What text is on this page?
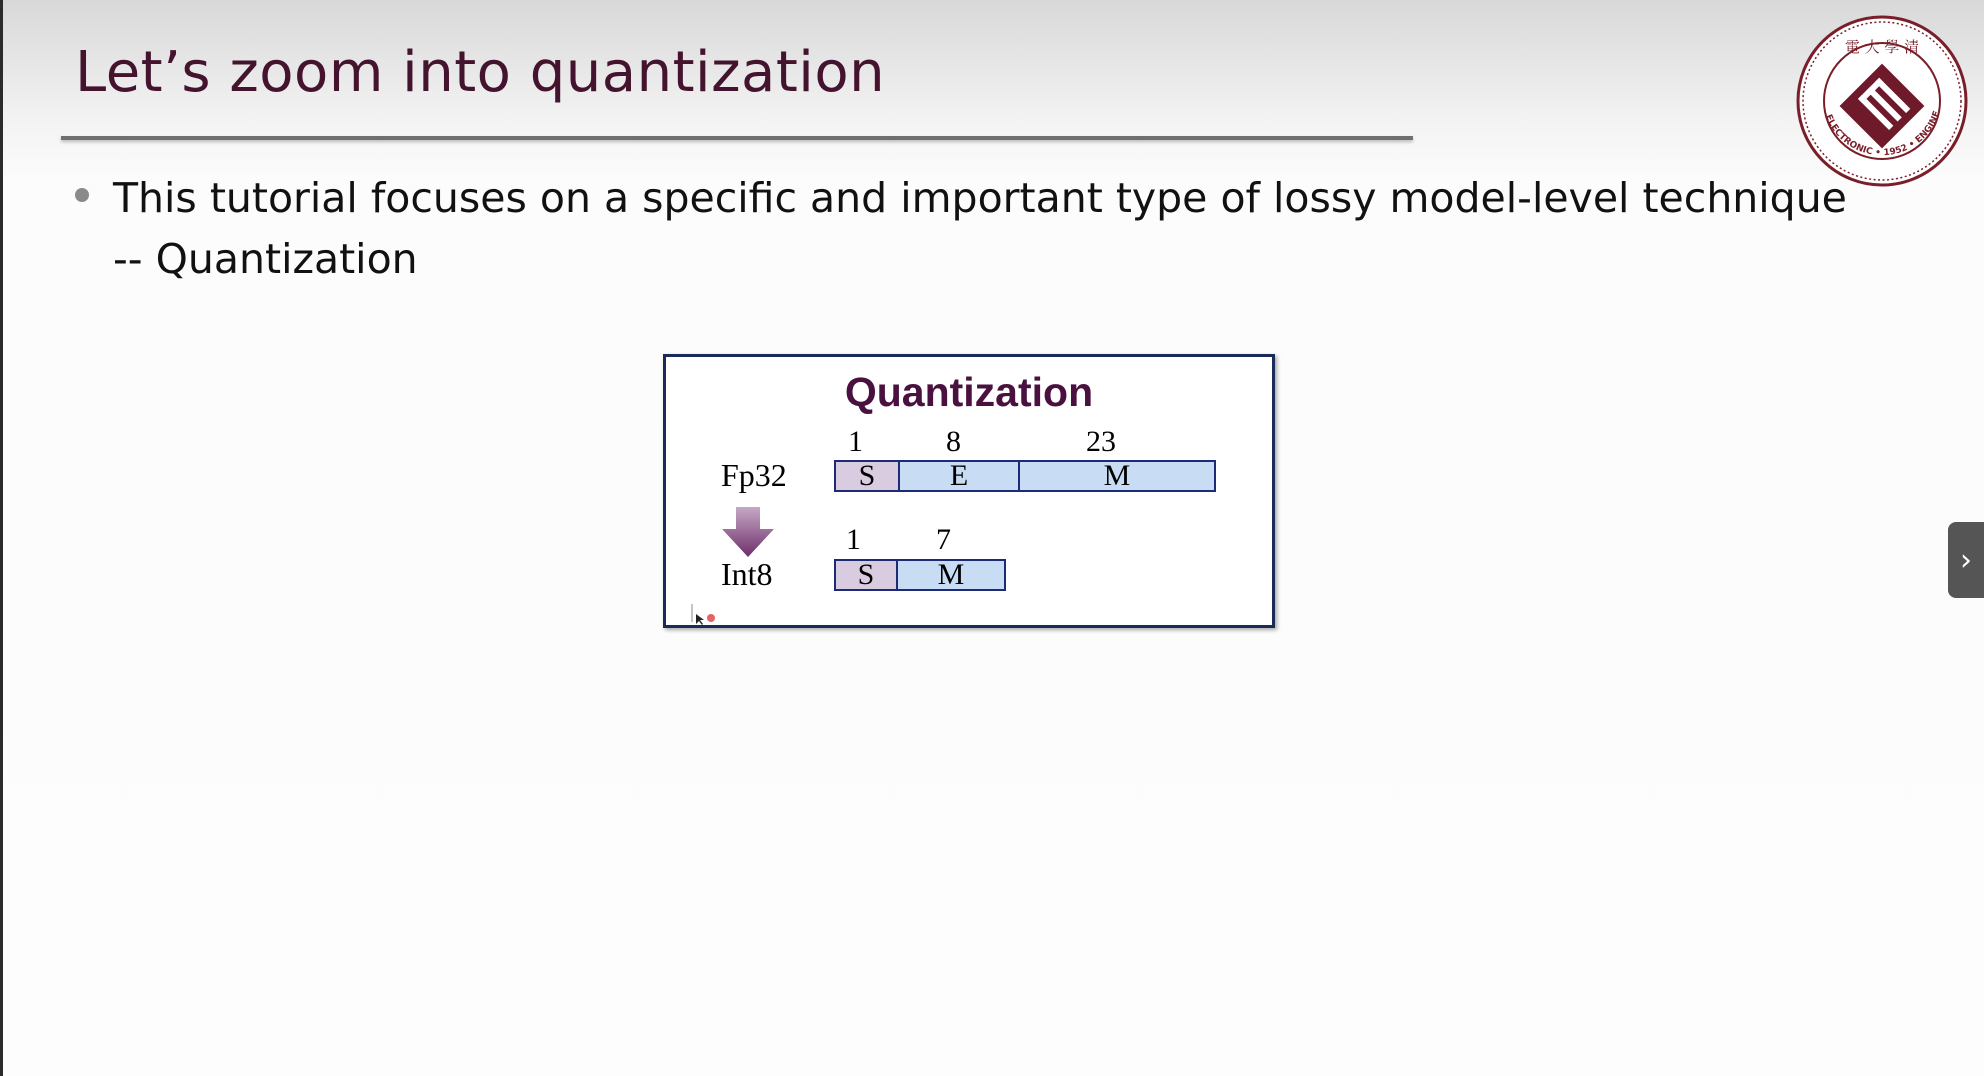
Let’s zoom into quantization
ELECTRONIC • 1952 • ENGINE
電 大 學 清
This tutorial focuses on a specific and important type of lossy model-level technique -- Quantization
Quantization
Fp32
1	8	23
S	E	M
Int8
1	7
S	M	›
